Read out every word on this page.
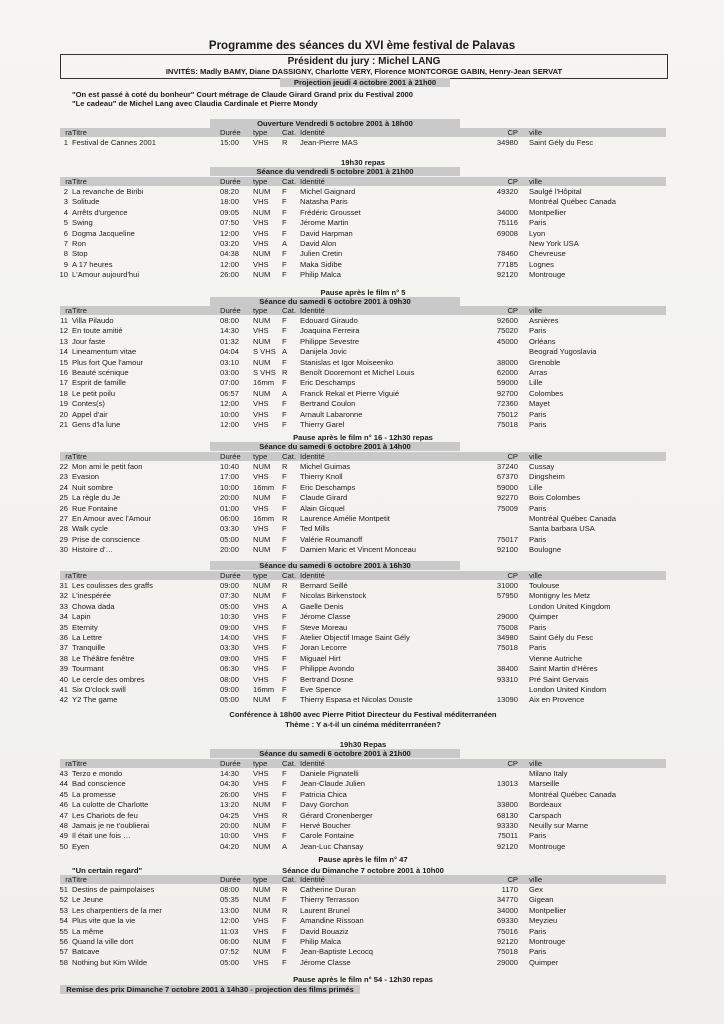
Programme des séances du XVI ème festival de Palavas
Président du jury : Michel LANG
INVITÉS: Madly BAMY, Diane DASSIGNY, Charlotte VERY, Florence MONTCORGE GABIN, Henry-Jean SERVAT
Projection jeudi 4 octobre 2001 à 21h00
"On est passé à coté du bonheur" Court métrage de Claude Girard Grand prix du Festival 2000
"Le cadeau" de Michel Lang avec Claudia Cardinale et Pierre Mondy
Ouverture Vendredi 5 octobre 2001 à 18h00
ra Titre	Durée type Cat. Identité	CP ville
1 Festival de Cannes 2001	15:00 VHS R Jean-Pierre MAS	34980 Saint Gély du Fesc
19h30 repas
Séance du vendredi 5 octobre 2001 à 21h00
ra Titre	Durée type Cat. Identité	CP ville
2 La revanche de Biribi	08:20 NUM F Michel Gaignard	49320 Saulgé l'Hôpital
3 Solitude	18:00 VHS F Natasha Paris	Montréal Québec Canada
4 Arrêts d'urgence	09:05 NUM F Frédéric Grousset	34000 Montpellier
5 Swing	07:50 VHS F Jérome Martin	75116 Paris
6 Dogma Jacqueline	12:00 VHS F David Harpman	69008 Lyon
7 Ron	03:20 VHS A David Alon	New York USA
8 Stop	04:38 NUM F Julien Cretin	78460 Chevreuse
9 A 17 heures	12:00 VHS F Maka Sidibe	77185 Lognes
10 L'Amour aujourd'hui	26:00 NUM F Philip Malca	92120 Montrouge
Pause après le film n° 5
Séance du samedi 6 octobre 2001 à 09h30
ra Titre	Durée type Cat. Identité	CP ville
11 Villa Pilaudo	08:00 NUM F Edouard Giraudo	92600 Asnières
12 En toute amitié	14:30 VHS F Joaquina Ferreira	75020 Paris
13 Jour faste	01:32 NUM F Philippe Sevestre	45000 Orléans
14 Lineamentum vitae	04:04 S VHS A Danijela Jovic	Beograd Yugoslavia
15 Plus fort Que l'amour	03:10 NUM F Stanislas et Igor Moiseenko	38000 Grenoble
16 Beauté scénique	03:00 S VHS R Benoît Dooremont et Michel Louis	62000 Arras
17 Esprit de famille	07:00 16mm F Eric Deschamps	59000 Lille
18 Le petit poilu	06:57 NUM A Franck Rekaï et Pierre Viguié	92700 Colombes
19 Contes(s)	12:00 VHS F Bertrand Coulon	72360 Mayet
20 Appel d'air	10:00 VHS F Arnault Labaronne	75012 Paris
21 Gens d'la lune	12:00 VHS F Thierry Garel	75018 Paris
Pause après le film n° 16 - 12h30 repas
Séance du samedi 6 octobre 2001 à 14h00
ra Titre	Durée type Cat. Identité	CP ville
22 Mon ami le petit faon	10:40 NUM R Michel Guimas	37240 Cussay
23 Evasion	17:00 VHS F Thierry Knoll	67370 Dingsheim
24 Nuit sombre	10:00 16mm F Eric Deschamps	59000 Lille
25 La règle du Je	20:00 NUM F Claude Girard	92270 Bois Colombes
26 Rue Fontaine	01:00 VHS F Alain Gicquel	75009 Paris
27 En Amour avec l'Amour	06:00 16mm R Laurence Amélie Montpetit	Montréal Québec Canada
28 Walk cycle	03:30 VHS F Ted Mills	Santa barbara USA
29 Prise de conscience	05:00 NUM F Valérie Roumanoff	75017 Paris
30 Histoire d'…	20:00 NUM F Damien Maric et Vincent Monceau	92100 Boulogne
Séance du samedi 6 octobre 2001 à 16h30
ra Titre	Durée type Cat. Identité	CP ville
31 Les coulisses des graffs	09:00 NUM R Bernard Seillé	31000 Toulouse
32 L'inespérée	07:30 NUM F Nicolas Birkenstock	57950 Montigny les Metz
33 Chowa dada	05:00 VHS A Gaelle Denis	London United Kingdom
34 Lapin	10:30 VHS F Jérome Classe	29000 Quimper
35 Eternity	09:00 VHS F Steve Moreau	75008 Paris
36 La Lettre	14:00 VHS F Atelier Objectif Image Saint Gély	34980 Saint Gély du Fesc
37 Tranquille	03:30 VHS F Joran Lecorre	75018 Paris
38 Le Théâtre fenêtre	09:00 VHS F Miguael Hirt	Vienne Autriche
39 Tourmant	06:30 VHS F Philippe Avondo	38400 Saint Martin d'Hères
40 Le cercle des ombres	08:00 VHS F Bertrand Dosne	93310 Pré Saint Gervais
41 Six O'clock swill	09:00 16mm F Eve Spence	London United Kindom
42 Y2 The game	05:00 NUM F Thierry Espasa et Nicolas Douste	13090 Aix en Provence
Conférence à 18h00 avec Pierre Pitiot Directeur du Festival méditerranéen
Thème : Y a-t-il un cinéma méditerrranéen?
19h30 Repas
Séance du samedi 6 octobre 2001 à 21h00
ra Titre	Durée type Cat. Identité	CP ville
43 Terzo e mondo	14:30 VHS F Daniele Pignatelli	Milano Italy
44 Bad conscience	04:30 VHS F Jean-Claude Julien	13013 Marseille
45 La promesse	26:00 VHS F Patricia Chica	Montréal Québec Canada
46 La culotte de Charlotte	13:20 NUM F Davy Gorchon	33800 Bordeaux
47 Les Chariots de feu	04:25 VHS R Gérard Cronenberger	68130 Carspach
48 Jamais je ne t'oublierai	20:00 NUM F Hervé Boucher	93330 Neuilly sur Marne
49 Il était une fois …	10:00 VHS F Carole Fontaine	75011 Paris
50 Eyen	04:20 NUM A Jean-Luc Chansay	92120 Montrouge
Pause après le film n° 47
Séance du Dimanche 7 octobre 2001 à 10h00
"Un certain regard"
ra Titre	Durée type Cat. Identité	CP ville
51 Destins de paimpolaises	08:00 NUM R Catherine Duran	1170 Gex
52 Le Jeune	05:35 NUM F Thierry Terrasson	34770 Gigean
53 Les charpentiers de la mer	13:00 NUM R Laurent Brunel	34000 Montpellier
54 Plus vite que la vie	12:00 VHS F Amandine Rissoan	69330 Meyzieu
55 La même	11:03 VHS F David Bouaziz	75016 Paris
56 Quand la ville dort	06:00 NUM F Philip Malca	92120 Montrouge
57 Batcave	07:52 NUM F Jean-Baptiste Lecocq	75018 Paris
58 Nothing but Kim Wilde	05:00 VHS F Jérome Classe	29000 Quimper
Pause après le film n° 54 - 12h30 repas
Remise des prix Dimanche 7 octobre 2001 à 14h30 - projection des films primés
